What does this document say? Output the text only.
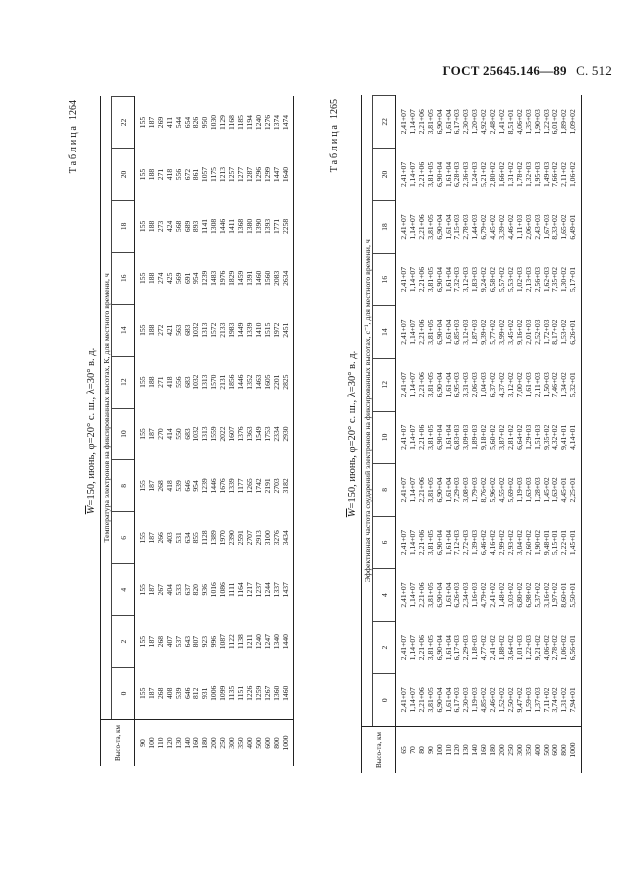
ГОСТ 25645.146—89 С. 512
Таблица1264
$\overline{W}=150$, июнь, φ=20° с. ш., λ=30° в. д.
Высо-та, км	Температура электронов на фиксированных высотах, К, для местного времени, ч											
	0	2	4	6	8	10	12	14	16	18	20	22
90	155	155	155	155	155	155	155	155	155	155	155	155
100	187	187	187	187	187	187	188	188	188	188	188	187
110	268	268	267	266	268	270	271	272	274	273	271	269
120	408	407	404	403	418	414	418	421	425	424	418	411
130	539	537	533	531	539	550	556	563	569	568	556	544
140	646	643	637	634	646	683	683	683	691	689	672	654
160	812	807	820	855	954	1032	1032	1032	954	893	861	826
180	931	923	936	1128	1239	1313	1313	1313	1239	1141	1057	950
200	1006	996	1016	1389	1446	1559	1570	1572	1483	1308	1175	1030
250	1099	1087	1086	1970	1676	2022	2131	2133	1976	1446	1213	1129
300	1135	1122	1111	2390	1339	1607	1856	1983	1829	1411	1257	1168
350	1151	1138	1164	2591	1177	1376	1446	1449	1459	1368	1277	1185
400	1226	1211	1217	2707	1265	1363	1352	1339	1391	1380	1287	1194
500	1259	1240	1237	2913	1742	1549	1463	1410	1460	1390	1296	1240
600	1267	1247	1244	3100	2191	1753	1605	1515	1560	1393	1299	1276
800	1360	1340	1337	3276	2703	2334	2201	1972	2083	1771	1447	1374
1000	1460	1440	1437	3434	3182	2930	2825	2451	2634	2258	1640	1474
Таблица1265
$\overline{W}=150$, июнь, φ=20° с. ш., λ=30° в. д.
Высо-та, км	Эффективная частота соударений электронов на фиксированных высотах, с⁻¹, для местного времени, ч											
	0	2	4	6	8	10	12	14	16	18	20	22
65	2,41+07	2,41+07	2,41+07	2,41+07	2,41+07	2,41+07	2,41+07	2,41+07	2,41+07	2,41+07	2,41+07	2,41+07
70	1,14+07	1,14+07	1,14+07	1,14+07	1,14+07	1,14+07	1,14+07	1,14+07	1,14+07	1,14+07	1,14+07	1,14+07
80	2,21+06	2,21+06	2,21+06	2,21+06	2,21+06	2,21+06	2,21+06	2,21+06	2,21+06	2,21+06	2,21+06	2,21+06
90	3,81+05	3,81+05	3,81+05	3,81+05	3,81+05	3,81+05	3,81+05	3,81+05	3,81+05	3,81+05	3,81+05	3,81+05
100	6,90+04	6,90+04	6,90+04	6,90+04	6,90+04	6,90+04	6,90+04	6,90+04	6,90+04	6,90+04	6,90+04	6,90+04
110	1,61+04	1,61+04	1,61+04	1,61+04	1,61+04	1,61+04	1,61+04	1,61+04	1,61+04	1,61+04	1,61+04	1,61+04
120	6,17+03	6,17+03	6,26+03	7,12+03	7,29+03	6,83+03	6,95+03	6,85+03	7,32+03	7,15+03	6,28+03	6,17+03
130	2,30+03	2,29+03	2,34+03	2,72+03	3,08+03	3,09+03	3,31+03	3,12+03	3,12+03	2,78+03	2,36+03	2,30+03
140	1,19+03	1,18+03	1,16+03	1,39+03	1,79+03	1,89+03	2,06+03	1,87+03	1,83+03	1,44+03	1,24+03	1,20+03
160	4,85+02	4,77+02	4,79+02	6,46+02	8,76+02	9,18+02	1,04+03	9,39+02	9,24+02	6,79+02	5,21+02	4,92+02
180	2,46+02	2,41+02	2,41+02	4,16+02	5,96+02	5,60+02	6,37+02	5,77+02	6,58+02	4,45+02	2,80+02	2,48+02
200	1,52+02	1,88+02	1,48+02	2,99+02	4,55+02	3,87+02	4,37+02	3,99+02	5,57+02	3,39+02	1,66+02	1,41+02
250	2,50+02	3,64+02	3,03+02	2,93+02	5,69+02	2,81+02	3,12+02	3,45+02	5,53+02	4,46+02	1,31+02	8,51+01
300	9,47+02	1,01+03	6,80+02	3,04+02	1,19+03	6,64+02	7,00+02	9,16+02	1,02+03	1,11+03	1,78+02	4,06+02
350	1,59+03	1,22+03	6,98+02	2,60+02	1,63+03	1,29+03	1,61+03	2,01+03	2,13+03	2,06+03	1,32+03	1,35+03
400	1,37+03	9,21+02	5,37+02	1,90+02	1,28+03	1,51+03	2,11+03	2,52+03	2,56+03	2,43+03	1,95+03	1,90+03
500	7,11+02	4,06+02	3,16+02	9,48+01	1,45+02	9,35+02	1,50+03	1,72+03	1,62+03	1,67+03	1,49+03	1,22+03
600	3,74+02	2,78+02	1,97+02	5,15+01	1,63+02	4,32+02	7,46+02	8,17+02	7,35+02	8,33+02	7,66+02	6,01+02
800	1,31+02	1,06+02	8,60+01	2,22+01	4,45+01	9,41+01	1,34+02	1,53+02	1,30+02	1,65+02	2,11+02	1,89+02
1000	7,94+01	6,56+01	5,50+01	1,45+01	2,25+01	4,14+01	5,32+01	6,26+01	5,17+01	6,49+01	1,06+02	1,09+02
